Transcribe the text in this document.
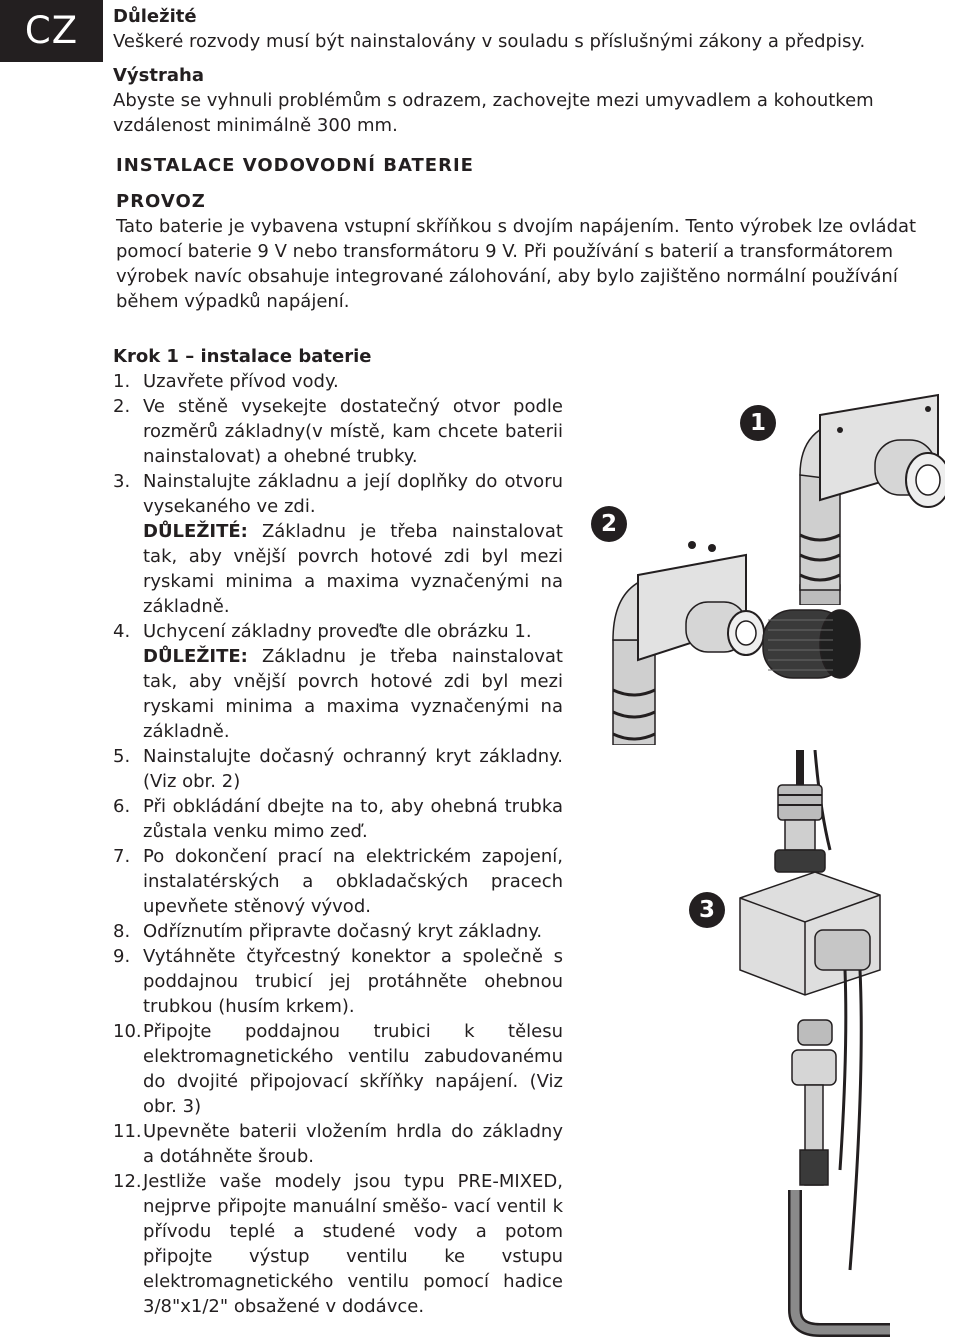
CZ	Důležité

Veškeré rozvody musí být nainstalovány v souladu s příslušnými zákony a předpisy.

Výstraha

Abyste se vyhnuli problémům s odrazem, zachovejte mezi umyvadlem a kohoutkem

vzdálenost minimálně 300 mm.

INSTALACE VODOVODNÍ BATERIE

PROVOZ

Tato baterie je vybavena vstupní skříňkou s dvojím napájením. Tento výrobek lze ovládat

pomocí baterie 9 V nebo transformátoru 9 V. Při používání s baterií a transformátorem

výrobek navíc obsahuje integrované zálohování, aby bylo zajištěno normální používání

během výpadků napájení.

Krok 1 – instalace baterie

1. Uzavřete přívod vody.
2. Ve stěně vysekejte dostatečný otvor podle rozměrů základny(v místě, kam chcete baterii nainstalovat) a ohebné trubky.
3. Nainstalujte základnu a její doplňky do otvoru vysekaného ve zdi.
DŮLEŽITÉ: Základnu je třeba nainstalovat tak, aby vnější povrch hotové zdi byl mezi ryskami minima a maxima vyznačenými na základně.
4. Uchycení základny proveďte dle obrázku 1.
DŮLEŽITE: Základnu je třeba nainstalovat tak, aby vnější povrch hotové zdi byl mezi ryskami minima a maxima vyznačenými na základně.
5. Nainstalujte dočasný ochranný kryt základny. (Viz obr. 2)
6. Při obkládání dbejte na to, aby ohebná trubka zůstala venku mimo zeď.
7. Po dokončení prací na elektrickém zapojení, instalatérských a obkladačských pracech upevňete stěnový vývod.
8. Odříznutím připravte dočasný kryt základny.
9. Vytáhněte čtyřcestný konektor a společně s poddajnou trubicí jej protáhněte ohebnou trubkou (husím krkem).
10. Připojte poddajnou trubici k tělesu elektromagnetického ventilu zabudovanému do dvojité připojovací skříňky napájení. (Viz obr. 3)
11. Upevněte baterii vložením hrdla do základny a dotáhněte šroub.
12. Jestliže vaše modely jsou typu PRE-MIXED, nejprve připojte manuální směšo- vací ventil k přívodu teplé a studené vody a potom připojte výstup ventilu ke vstupu elektromagnetického ventilu pomocí hadice 3/8"x1/2" obsažené v dodávce.
1
2
3
